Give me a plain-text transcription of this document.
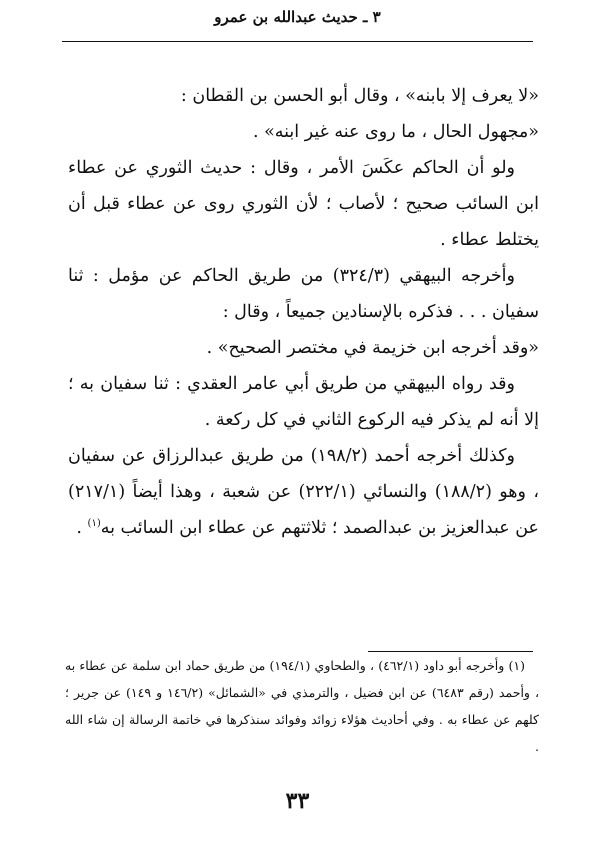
٣ ـ حديث عبدالله بن عمرو

«لا يعرف إلا بابنه» ، وقال أبو الحسن بن القطان :

«مجهول الحال ، ما روى عنه غير ابنه» .

ولو أن الحاكم عكَسَ الأمر ، وقال : حديث الثوري عن عطاء ابن السائب صحيح ؛ لأصاب ؛ لأن الثوري روى عن عطاء قبل أن يختلط عطاء .

وأخرجه البيهقي (٣٢٤/٣) من طريق الحاكم عن مؤمل : ثنا سفيان . . . فذكره بالإسنادين جميعاً ، وقال :

«وقد أخرجه ابن خزيمة في مختصر الصحيح» .

وقد رواه البيهقي من طريق أبي عامر العقدي : ثنا سفيان به ؛ إلا أنه لم يذكر فيه الركوع الثاني في كل ركعة .

وكذلك أخرجه أحمد (١٩٨/٢) من طريق عبدالرزاق عن سفيان ، وهو (١٨٨/٢) والنسائي (٢٢٢/١) عن شعبة ، وهذا أيضاً (٢١٧/١) عن عبدالعزيز بن عبدالصمد ؛ ثلاثتهم عن عطاء ابن السائب به$^{(١)}$ .

(١) وأخرجه أبو داود (٤٦٢/١) ، والطحاوي (١٩٤/١) من طريق حماد ابن سلمة عن عطاء به ، وأحمد (رقم ٦٤٨٣) عن ابن فضيل ، والترمذي في «الشمائل» (١٤٦/٢ و ١٤٩) عن جرير ؛ كلهم عن عطاء به . وفي أحاديث هؤلاء زوائد وفوائد سنذكرها في خاتمة الرسالة إن شاء الله .

٣٣
